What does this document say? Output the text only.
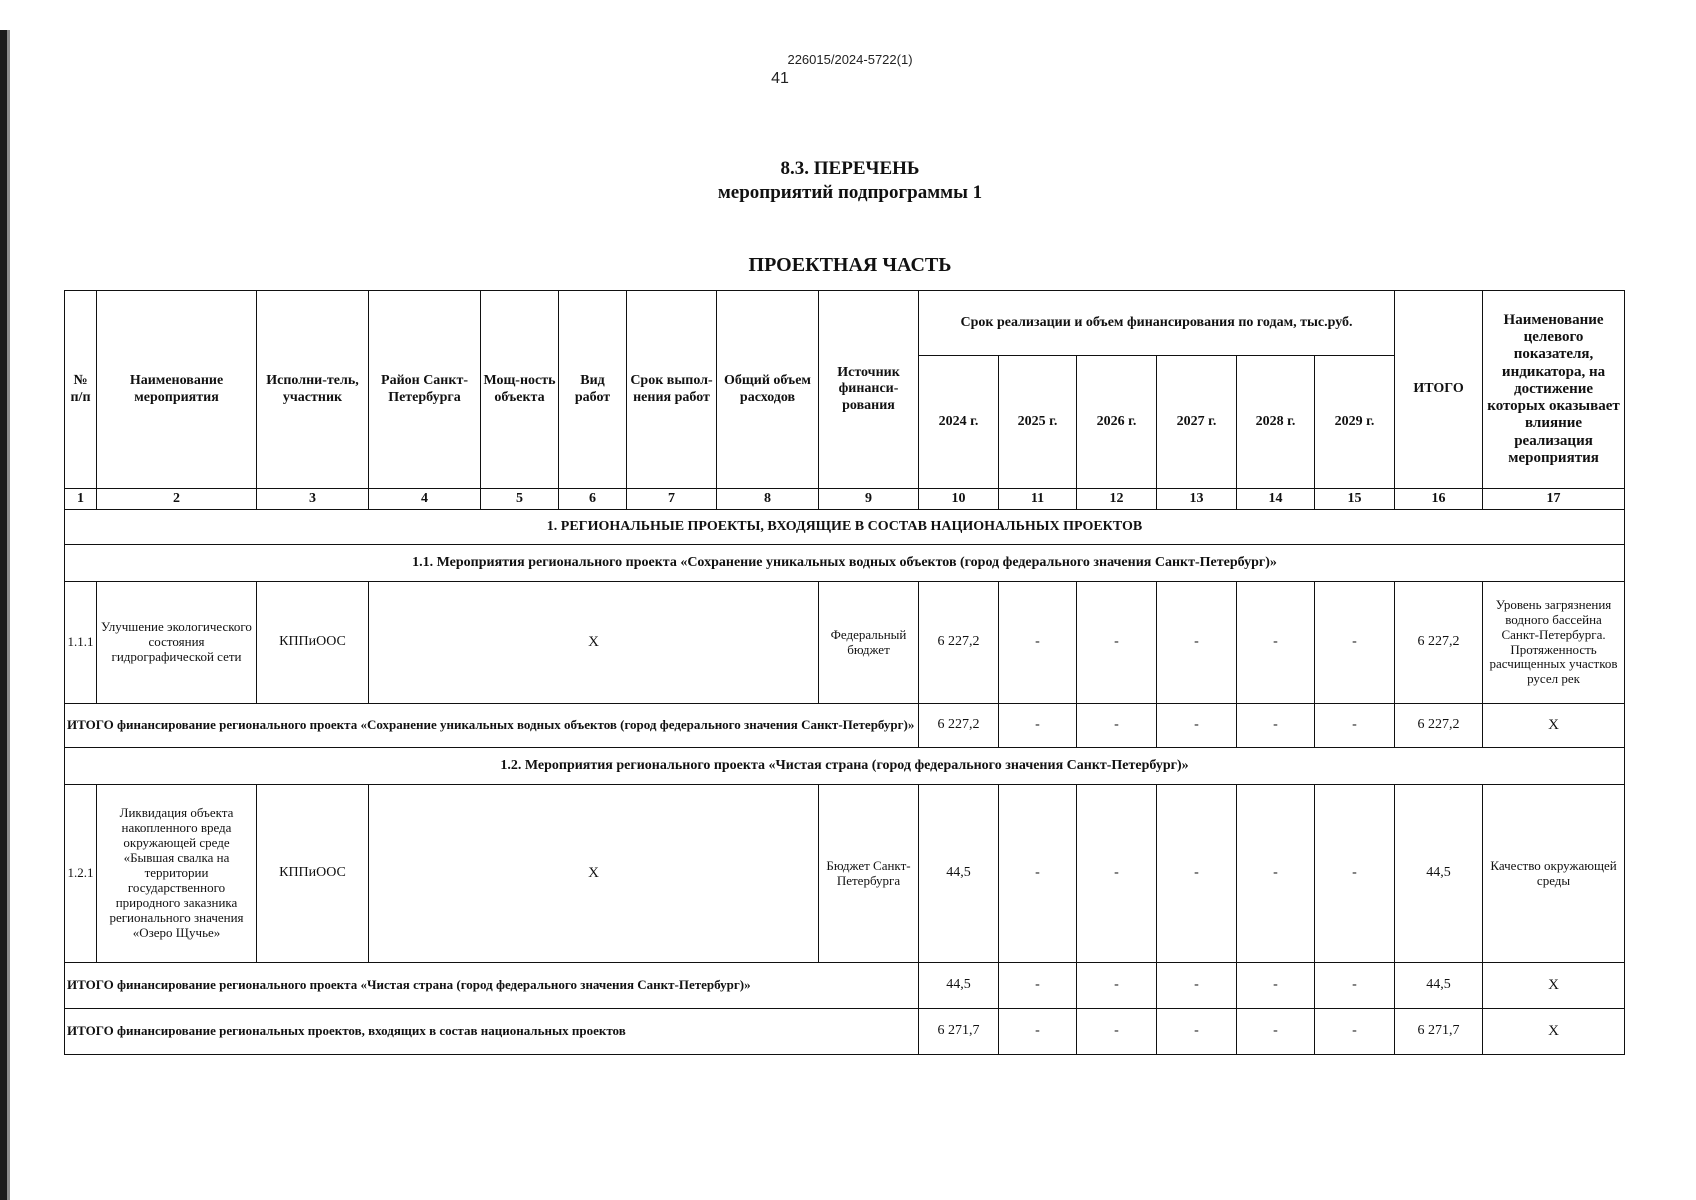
226015/2024-5722(1)
41
8.3. ПЕРЕЧЕНЬ
мероприятий подпрограммы 1
ПРОЕКТНАЯ ЧАСТЬ
№ п/п	Наименование мероприятия	Исполни-тель, участник	Район Санкт-Петербурга	Мощ-ность объекта	Вид работ	Срок выпол-нения работ	Общий объем расходов	Источник финанси-рования	Срок реализации и объем финансирования по годам, тыс.руб.						ИТОГО	Наименование целевого показателя, индикатора, на достижение которых оказывает влияние реализация мероприятия
									2024 г.	2025 г.	2026 г.	2027 г.	2028 г.	2029 г.		
1	2	3	4	5	6	7	8	9	10	11	12	13	14	15	16	17
1. РЕГИОНАЛЬНЫЕ ПРОЕКТЫ, ВХОДЯЩИЕ В СОСТАВ НАЦИОНАЛЬНЫХ ПРОЕКТОВ																
1.1. Мероприятия регионального проекта «Сохранение уникальных водных объектов (город федерального значения Санкт-Петербург)»																
1.1.1	Улучшение экологического состояния гидрографической сети	КППиООС	Х					Федеральный бюджет	6 227,2	-	-	-	-	-	6 227,2	Уровень загрязнения водного бассейна Санкт-Петербурга. Протяженность расчищенных участков русел рек
ИТОГО финансирование регионального проекта «Сохранение уникальных водных объектов (город федерального значения Санкт-Петербург)»									6 227,2	-	-	-	-	-	6 227,2	Х
1.2. Мероприятия регионального проекта «Чистая страна (город федерального значения Санкт-Петербург)»																
1.2.1	Ликвидация объекта накопленного вреда окружающей среде «Бывшая свалка на территории государственного природного заказника регионального значения «Озеро Щучье»	КППиООС	Х					Бюджет Санкт-Петербурга	44,5	-	-	-	-	-	44,5	Качество окружающей среды
ИТОГО финансирование регионального проекта «Чистая страна (город федерального значения Санкт-Петербург)»									44,5	-	-	-	-	-	44,5	Х
ИТОГО финансирование региональных проектов, входящих в состав национальных проектов									6 271,7	-	-	-	-	-	6 271,7	Х
